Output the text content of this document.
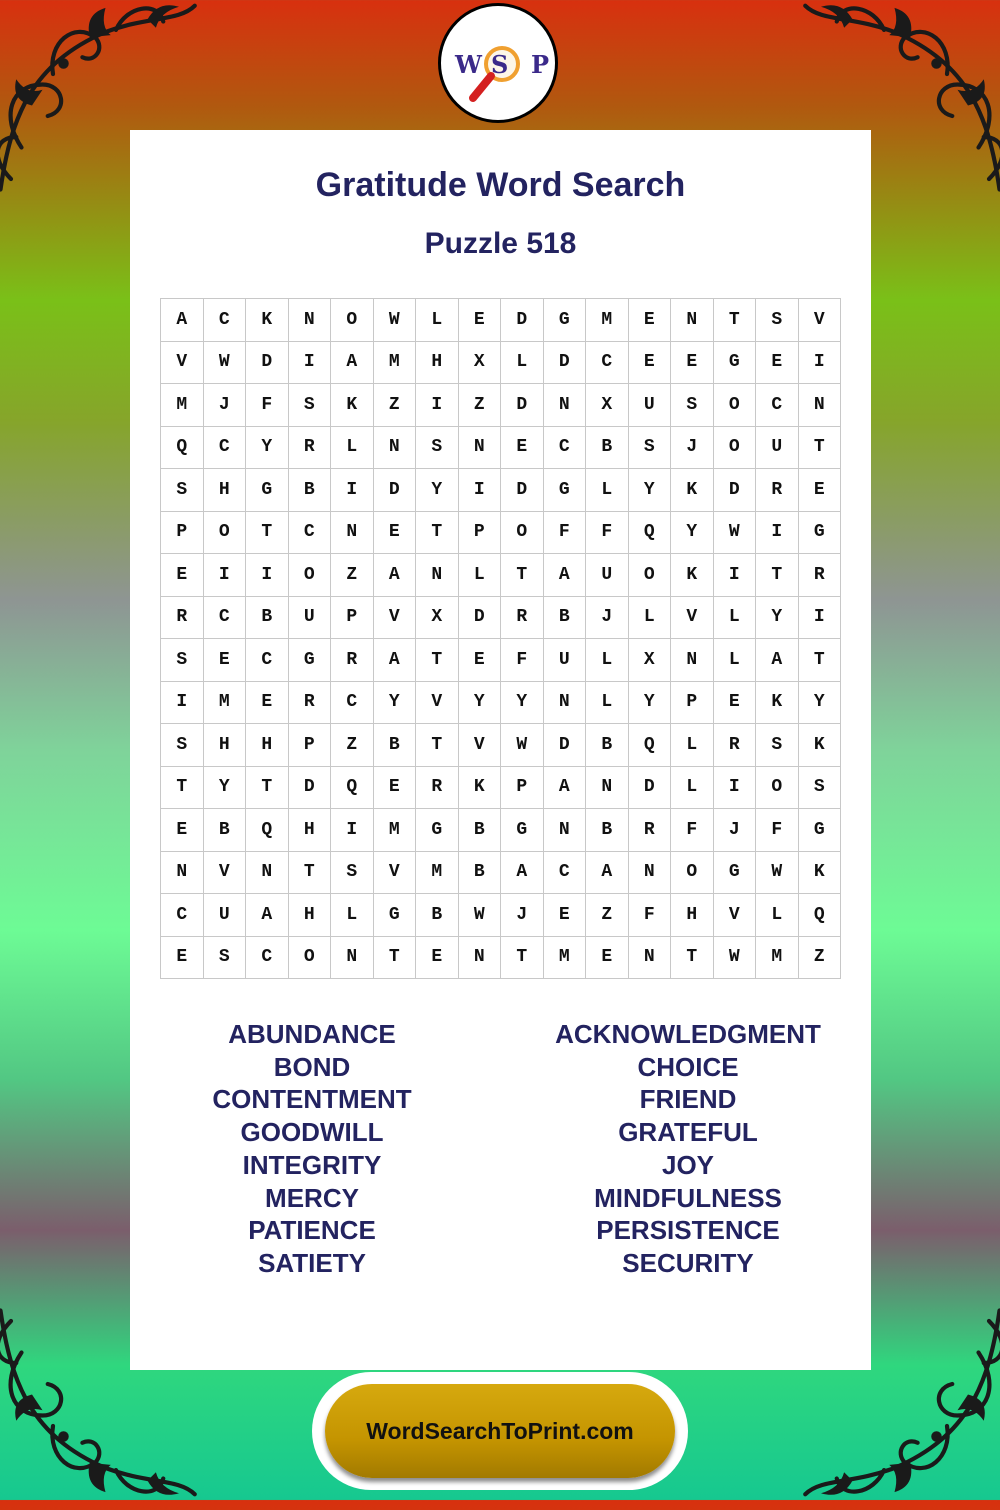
W S P
Gratitude Word Search
Puzzle 518
A	C	K	N	O	W	L	E	D	G	M	E	N	T	S	V
V	W	D	I	A	M	H	X	L	D	C	E	E	G	E	I
M	J	F	S	K	Z	I	Z	D	N	X	U	S	O	C	N
Q	C	Y	R	L	N	S	N	E	C	B	S	J	O	U	T
S	H	G	B	I	D	Y	I	D	G	L	Y	K	D	R	E
P	O	T	C	N	E	T	P	O	F	F	Q	Y	W	I	G
E	I	I	O	Z	A	N	L	T	A	U	O	K	I	T	R
R	C	B	U	P	V	X	D	R	B	J	L	V	L	Y	I
S	E	C	G	R	A	T	E	F	U	L	X	N	L	A	T
I	M	E	R	C	Y	V	Y	Y	N	L	Y	P	E	K	Y
S	H	H	P	Z	B	T	V	W	D	B	Q	L	R	S	K
T	Y	T	D	Q	E	R	K	P	A	N	D	L	I	O	S
E	B	Q	H	I	M	G	B	G	N	B	R	F	J	F	G
N	V	N	T	S	V	M	B	A	C	A	N	O	G	W	K
C	U	A	H	L	G	B	W	J	E	Z	F	H	V	L	Q
E	S	C	O	N	T	E	N	T	M	E	N	T	W	M	Z
ABUNDANCE
BOND
CONTENTMENT
GOODWILL
INTEGRITY
MERCY
PATIENCE
SATIETY
ACKNOWLEDGMENT
CHOICE
FRIEND
GRATEFUL
JOY
MINDFULNESS
PERSISTENCE
SECURITY
WordSearchToPrint.com
